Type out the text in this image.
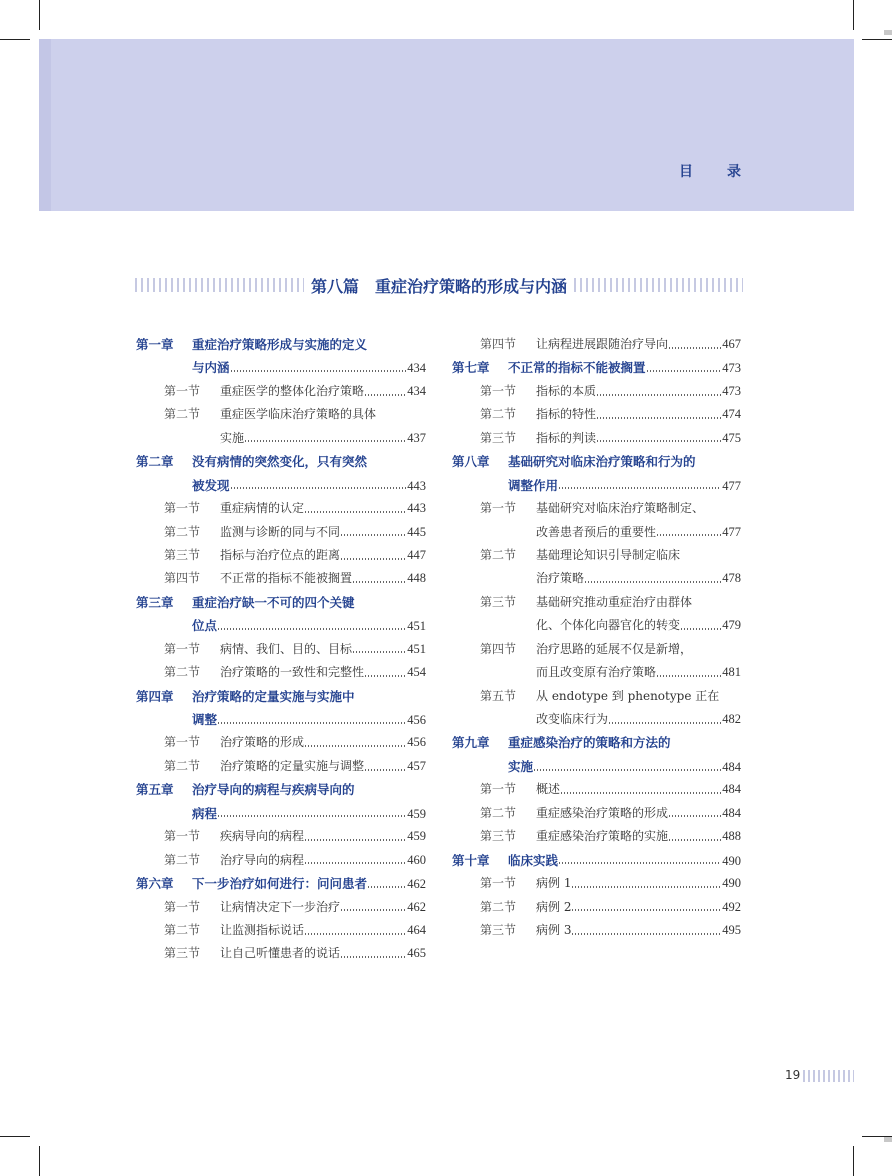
目录
第八篇　重症治疗策略的形成与内涵
第一章	重症治疗策略形成与实施的定义
与内涵	434
第一节	重症医学的整体化治疗策略	434
第二节	重症医学临床治疗策略的具体
实施	437
第二章	没有病情的突然变化，只有突然
被发现	443
第一节	重症病情的认定	443
第二节	监测与诊断的同与不同	445
第三节	指标与治疗位点的距离	447
第四节	不正常的指标不能被搁置	448
第三章	重症治疗缺一不可的四个关键
位点	451
第一节	病情、我们、目的、目标	451
第二节	治疗策略的一致性和完整性	454
第四章	治疗策略的定量实施与实施中
调整	456
第一节	治疗策略的形成	456
第二节	治疗策略的定量实施与调整	457
第五章	治疗导向的病程与疾病导向的
病程	459
第一节	疾病导向的病程	459
第二节	治疗导向的病程	460
第六章	下一步治疗如何进行：问问患者	462
第一节	让病情决定下一步治疗	462
第二节	让监测指标说话	464
第三节	让自己听懂患者的说话	465
第四节	让病程进展跟随治疗导向	467
第七章	不正常的指标不能被搁置	473
第一节	指标的本质	473
第二节	指标的特性	474
第三节	指标的判读	475
第八章	基础研究对临床治疗策略和行为的
调整作用	477
第一节	基础研究对临床治疗策略制定、
改善患者预后的重要性	477
第二节	基础理论知识引导制定临床
治疗策略	478
第三节	基础研究推动重症治疗由群体
化、个体化向器官化的转变	479
第四节	治疗思路的延展不仅是新增，
而且改变原有治疗策略	481
第五节	从 endotype 到 phenotype 正在
改变临床行为	482
第九章	重症感染治疗的策略和方法的
实施	484
第一节	概述	484
第二节	重症感染治疗策略的形成	484
第三节	重症感染治疗策略的实施	488
第十章	临床实践	490
第一节	病例 1	490
第二节	病例 2	492
第三节	病例 3	495
19
